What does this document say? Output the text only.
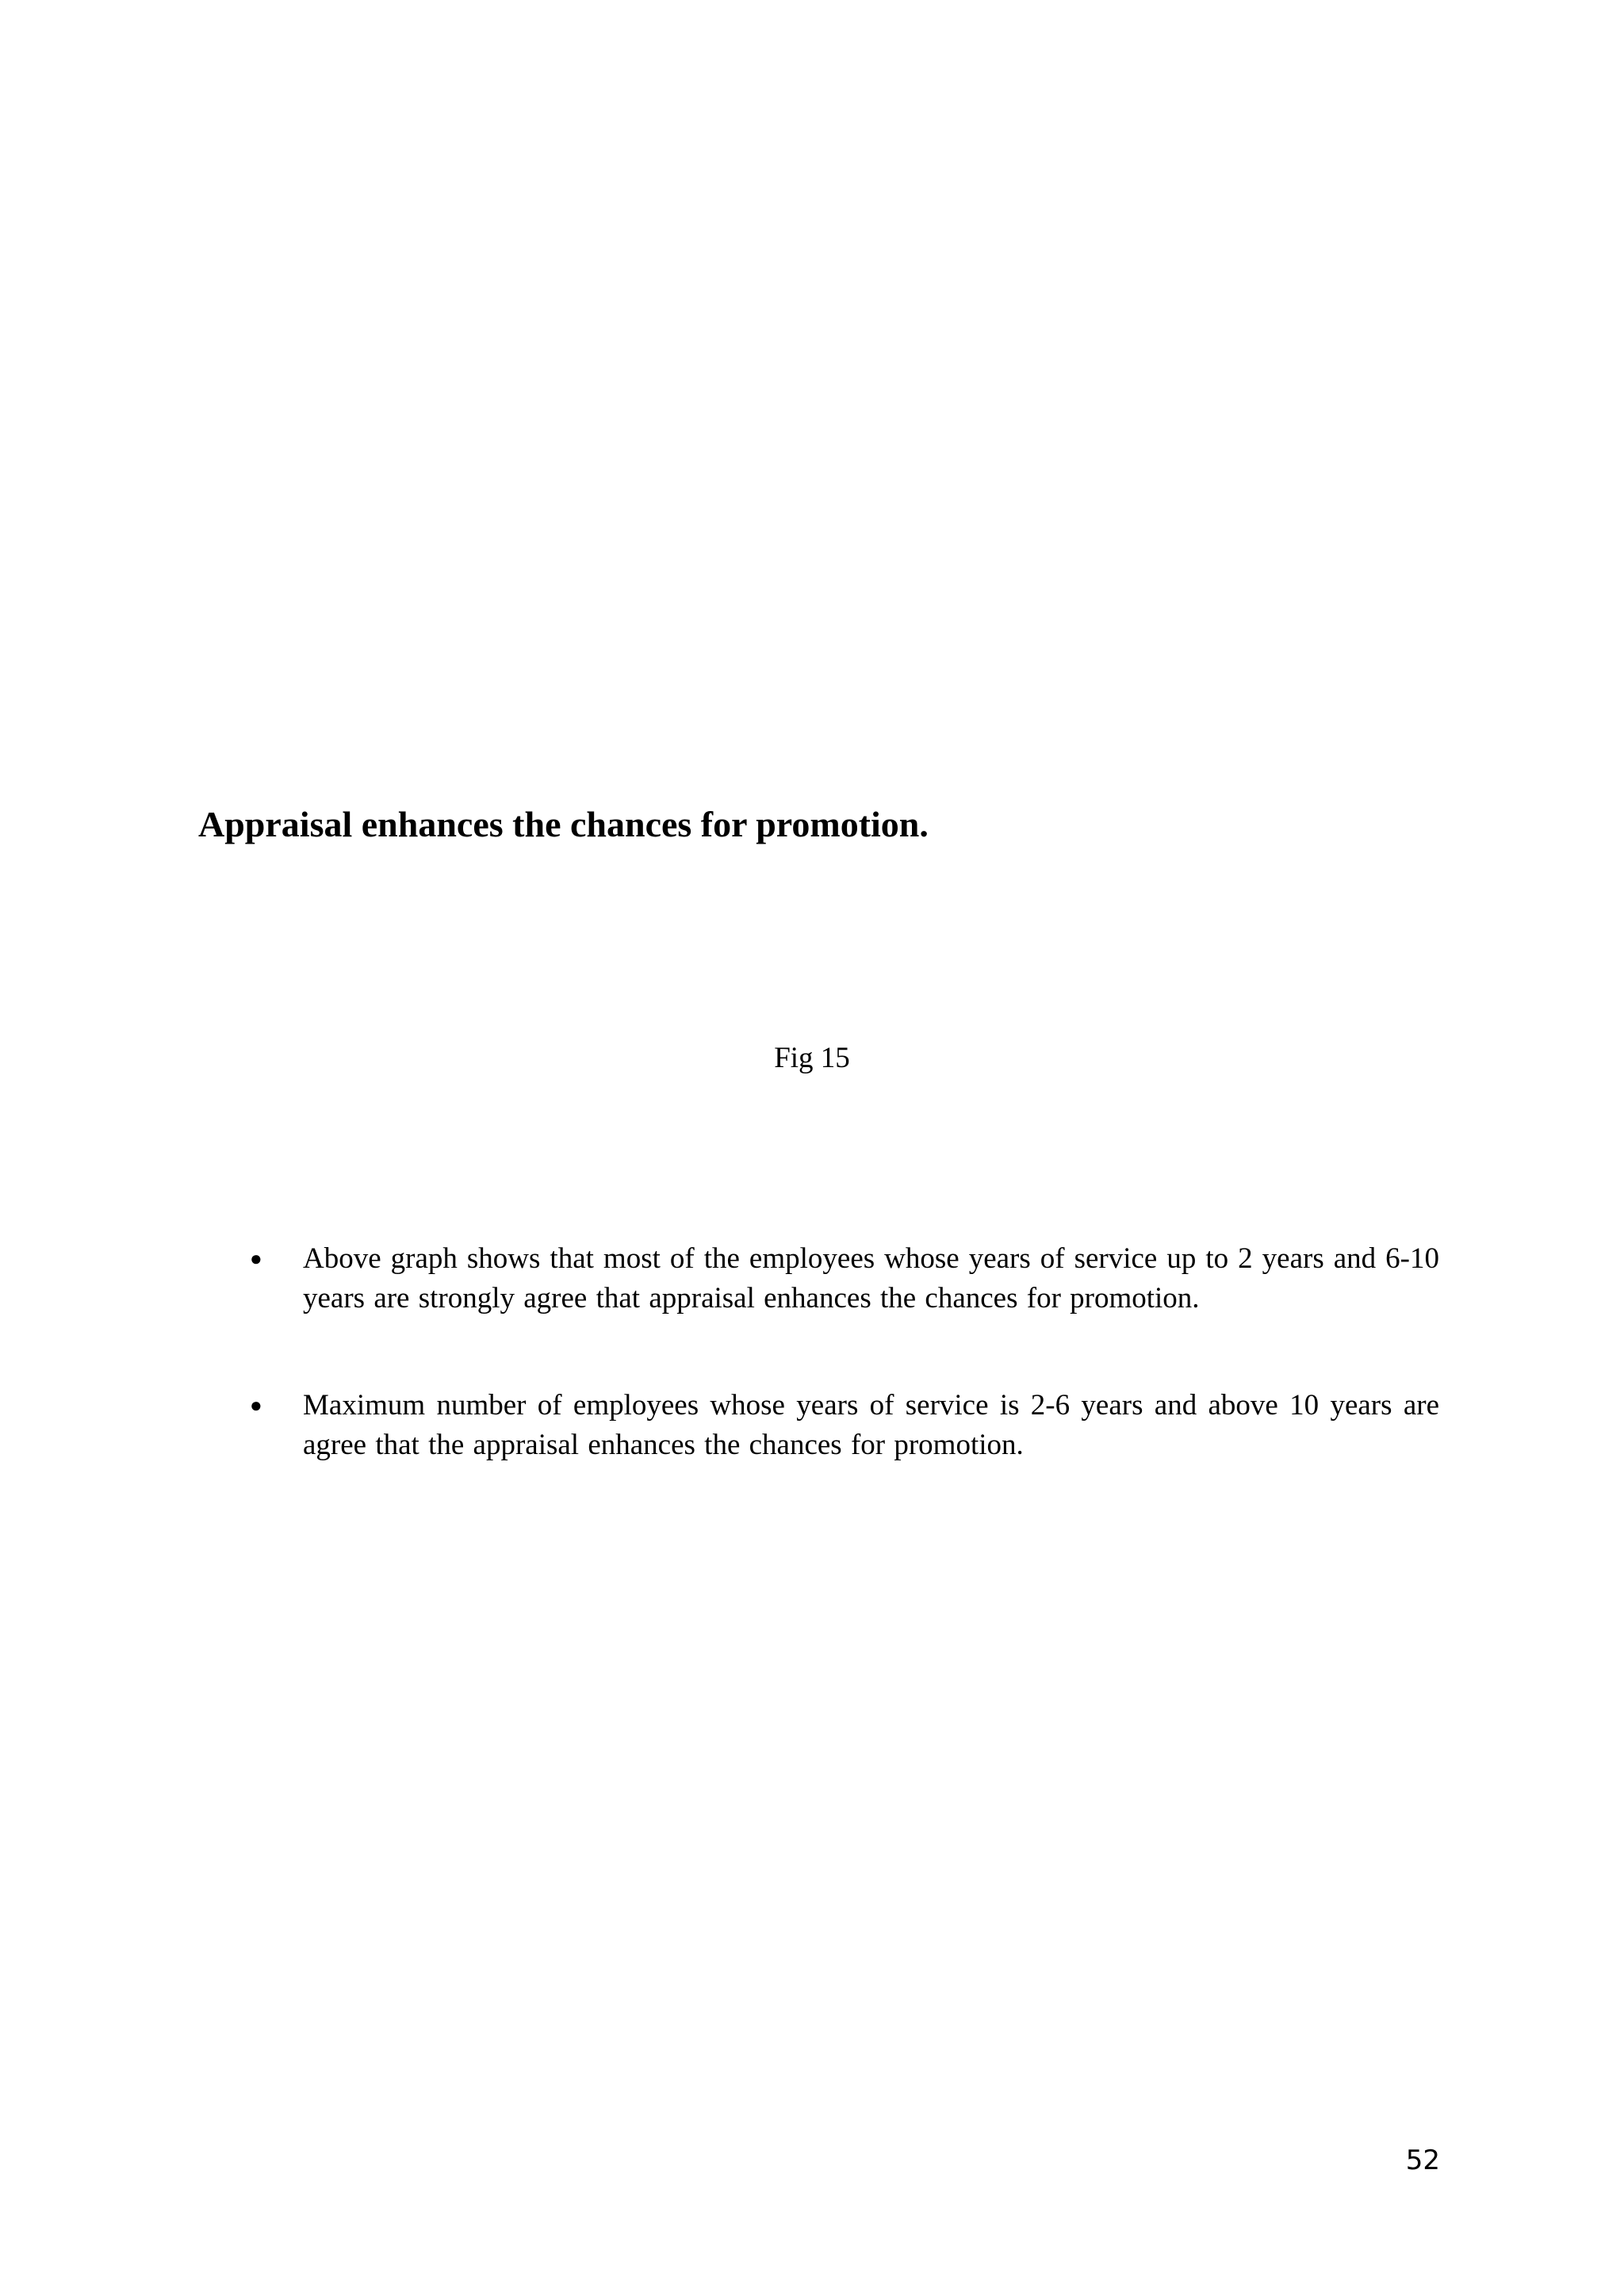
Appraisal enhances the chances for promotion.

Fig 15

● Above graph shows that most of the employees whose years of service up to 2 years and 6-10 years are strongly agree that appraisal enhances the chances for promotion.

● Maximum number of employees whose years of service is 2-6 years and above 10 years are agree that the appraisal enhances the chances for promotion.

52
